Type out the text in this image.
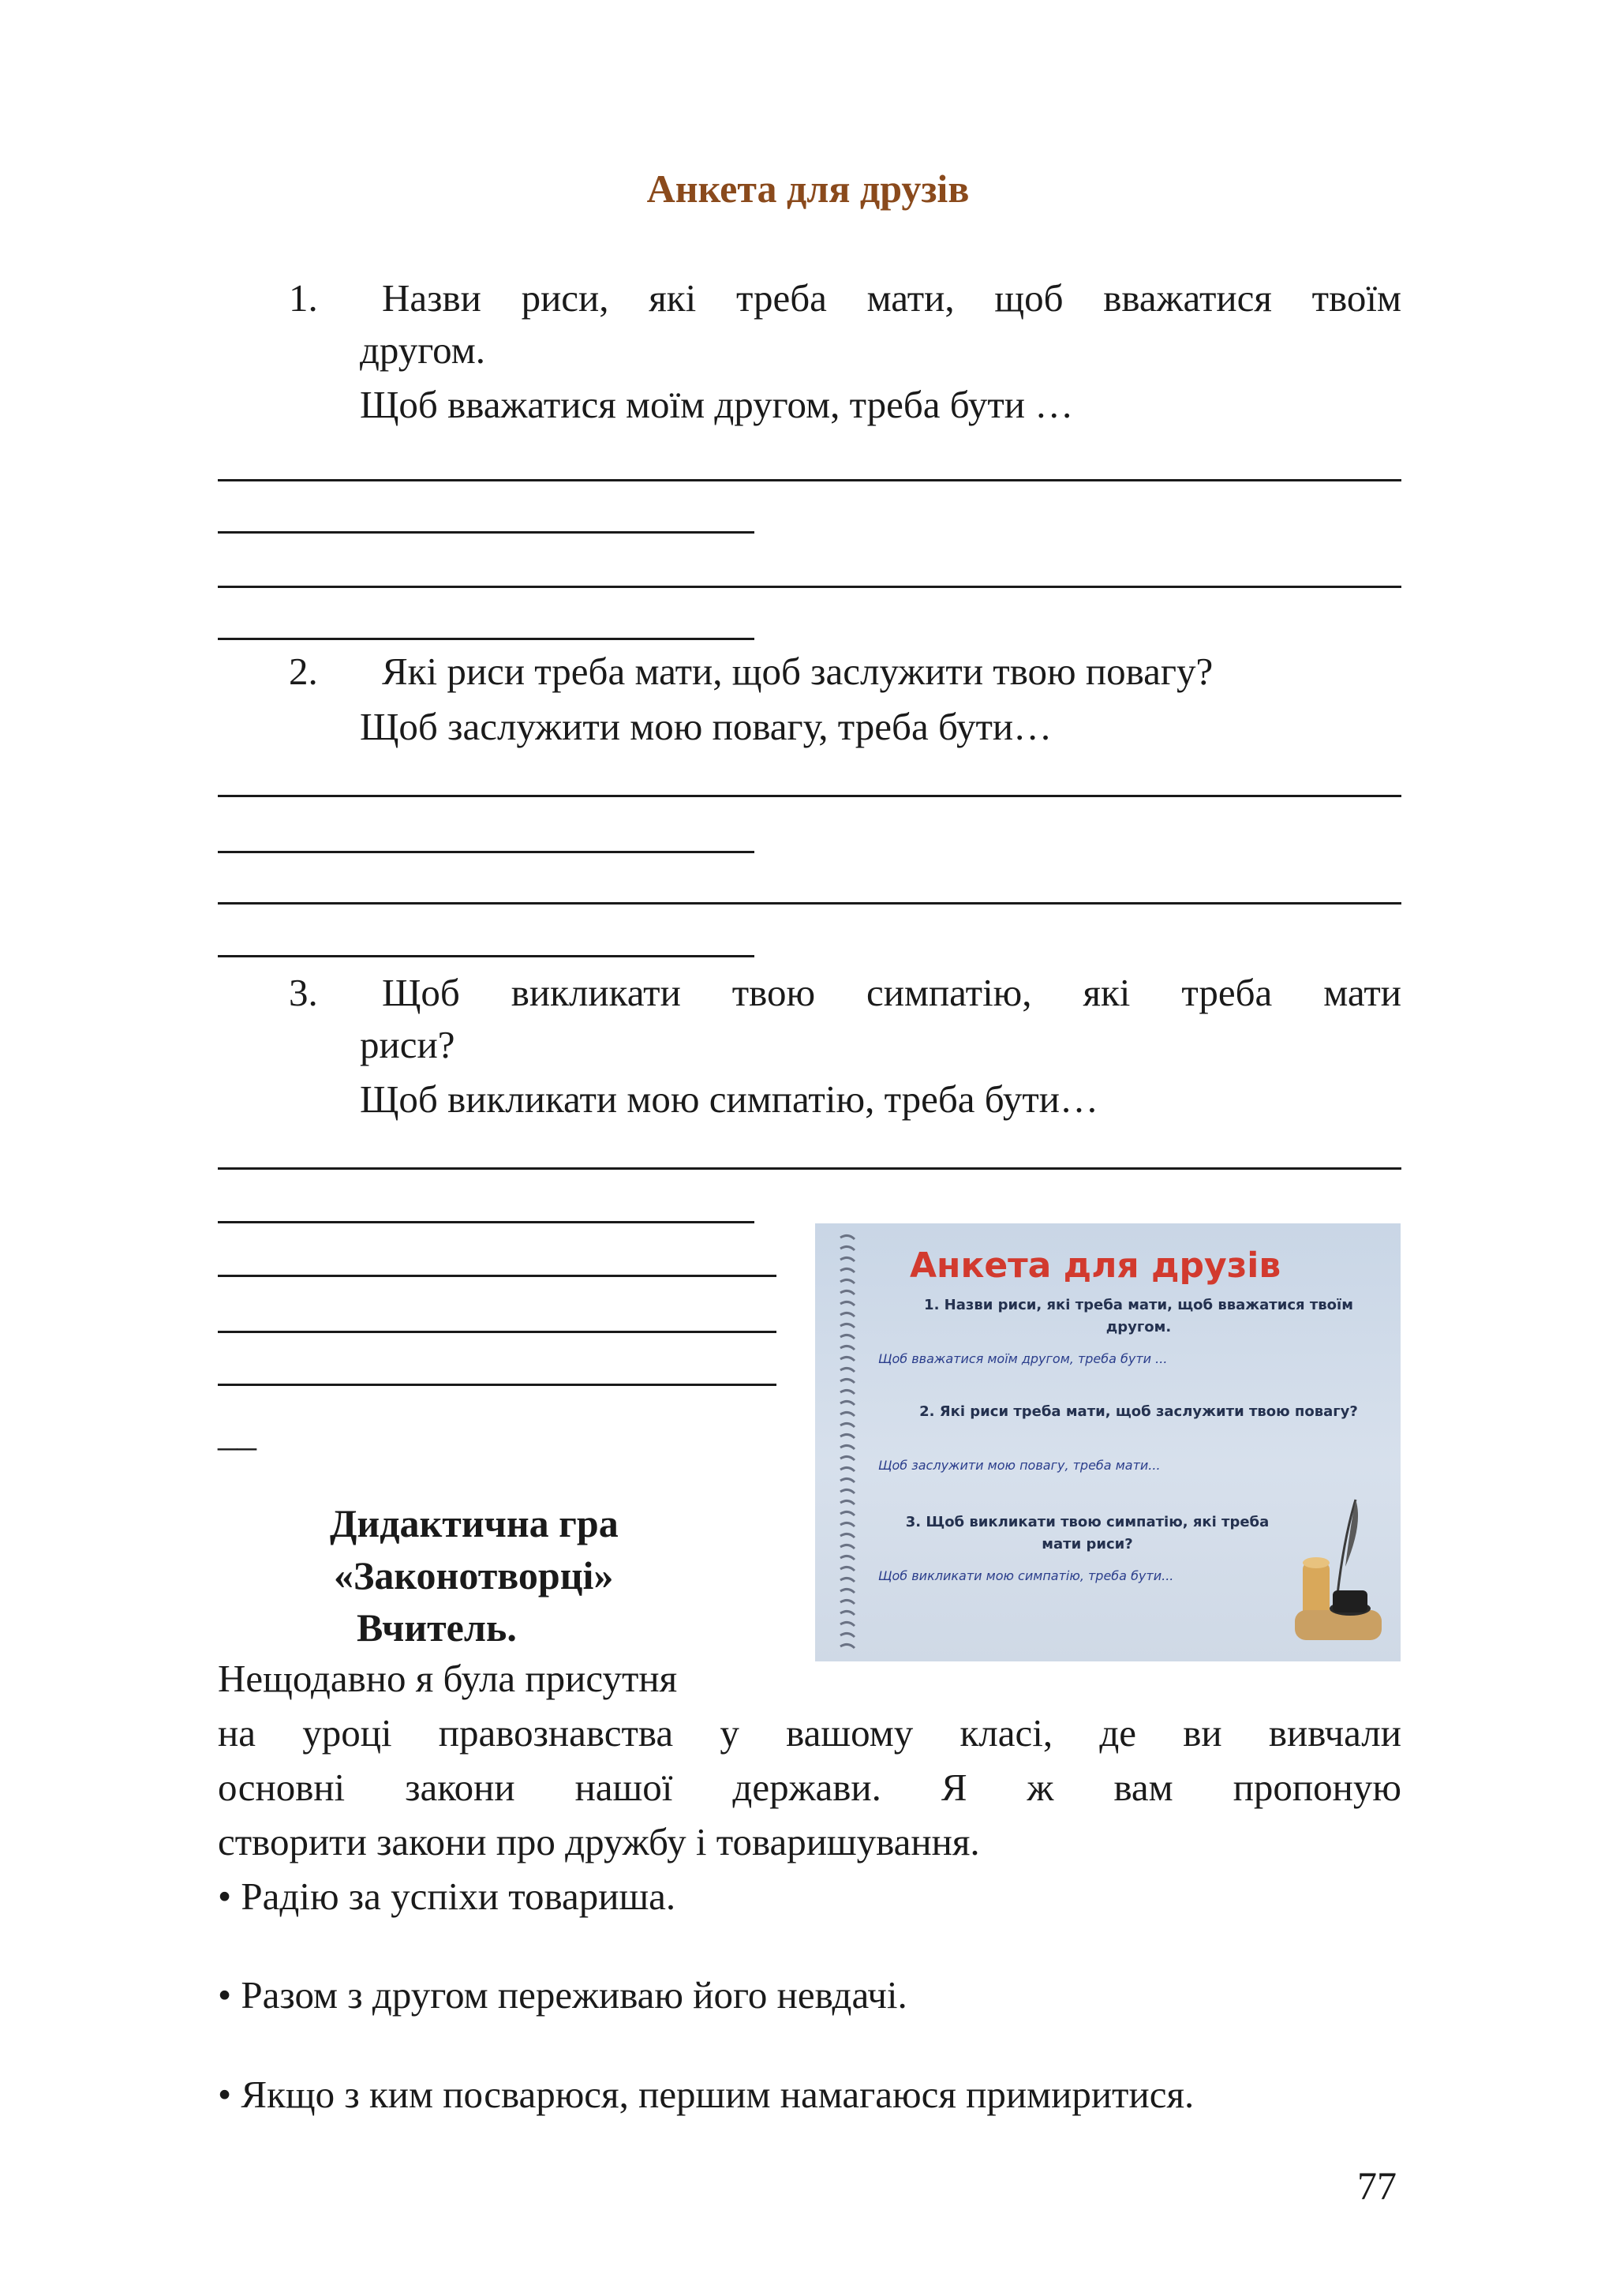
Анкета для друзів
1. Назви риси, які треба мати, щоб вважатися твоїм
другом.
Щоб вважатися моїм другом, треба бути …
2. Які риси треба мати, щоб заслужити твою повагу?
Щоб заслужити мою повагу, треба бути…
3. Щоб викликати твою симпатію, які треба мати
риси?
Щоб викликати мою симпатію, треба бути…
__
Анкета для друзів
1. Назви риси, які треба мати, щоб вважатися твоїм другом.
Щоб вважатися моїм другом, треба бути ...
2. Які риси треба мати, щоб заслужити твою повагу?
Щоб заслужити мою повагу, треба мати...
3. Щоб викликати твою симпатію, які треба мати риси?
Щоб викликати мою симпатію, треба бути...
Дидактична гра
«Законотворці»
Вчитель.
Нещодавно я була присутня
на уроці правознавства у вашому класі, де ви вивчали
основні закони нашої держави. Я ж вам пропоную
створити закони про дружбу і товаришування.
• Радію за успіхи товариша.
• Разом з другом переживаю його невдачі.
• Якщо з ким посварюся, першим намагаюся примиритися.
77
